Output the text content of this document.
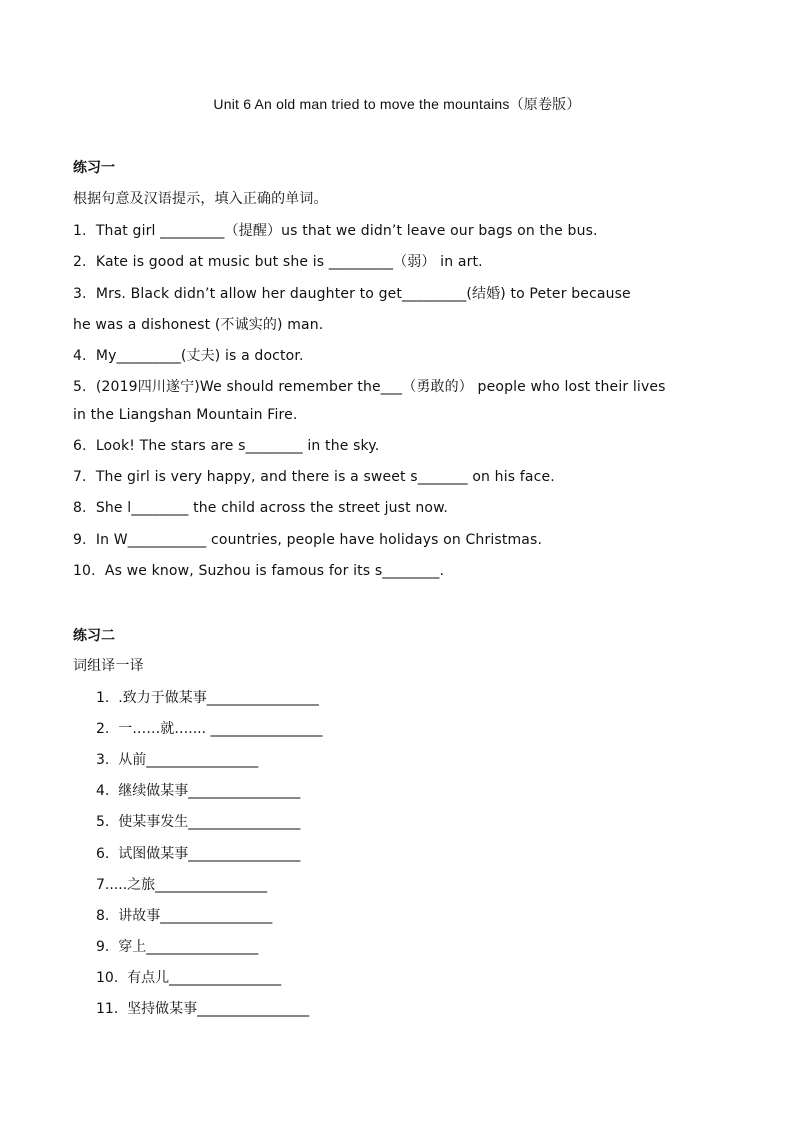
Unit 6 An old man tried to move the mountains（原卷版）
练习一
根据句意及汉语提示，填入正确的单词。
1.  That girl _________（提醒）us that we didn’t leave our bags on the bus.
2.  Kate is good at music but she is _________（弱） in art.
3.  Mrs. Black didn’t allow her daughter to get_________(结婚) to Peter because
he was a dishonest (不诚实的) man.
4.  My_________(丈夫) is a doctor.
5.  (2019四川遂宁)We should remember the___（勇敢的） people who lost their lives
in the Liangshan Mountain Fire.
6.  Look! The stars are s________ in the sky.
7.  The girl is very happy, and there is a sweet s_______ on his face.
8.  She l________ the child across the street just now.
9.  In W___________ countries, people have holidays on Christmas.
10.  As we know, Suzhou is famous for its s________.
练习二
词组译一译
1.  .致力于做某事________________
2.  一……就….... ________________
3.  从前________________
4.  继续做某事________________
5.  使某事发生________________
6.  试图做某事________________
7.....之旅________________
8.  讲故事________________
9.  穿上________________
10.  有点儿________________
11.  坚持做某事________________
